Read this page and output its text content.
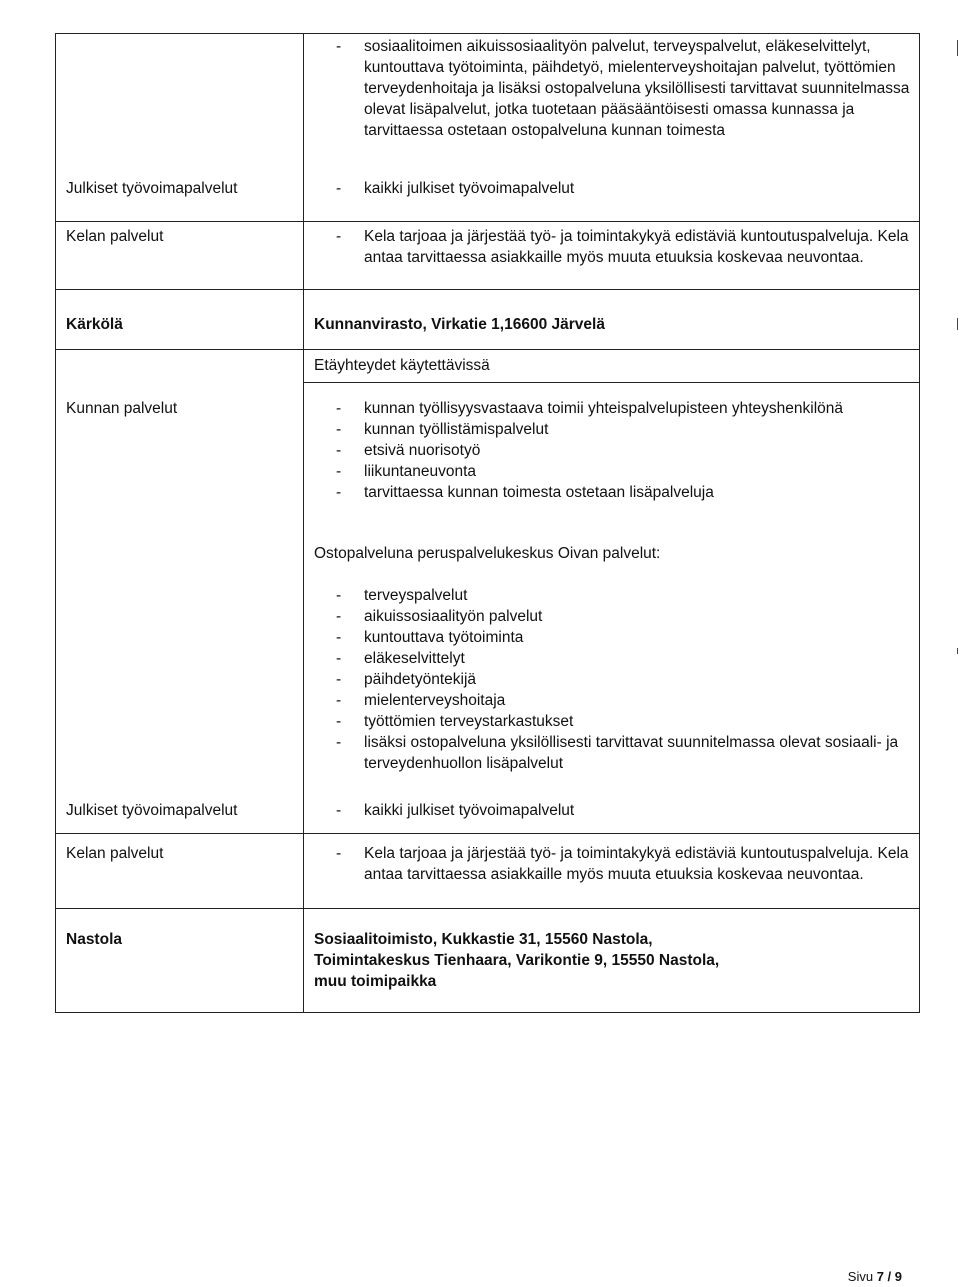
- sosiaalitoimen aikuissosiaalityön palvelut, terveyspalvelut, eläkeselvittelyt, kuntouttava työtoiminta, päihdetyö, mielenterveyshoitajan palvelut, työttömien terveydenhoitaja ja lisäksi ostopalveluna yksilöllisesti tarvittavat suunnitelmassa olevat lisäpalvelut, jotka tuotetaan pääsääntöisesti omassa kunnassa ja tarvittaessa ostetaan ostopalveluna kunnan toimesta
Julkiset työvoimapalvelut	- kaikki julkiset työvoimapalvelut
Kelan palvelut	- Kela tarjoaa ja järjestää työ- ja toimintakykyä edistäviä kuntoutuspalveluja. Kela antaa tarvittaessa asiakkaille myös muuta etuuksia koskevaa neuvontaa.
Kärkölä	Kunnanvirasto, Virkatie 1,16600 Järvelä
Etäyhteydet käytettävissä
Kunnan palvelut	- kunnan työllisyysvastaava toimii yhteispalvelupisteen yhteyshenkilönä
- kunnan työllistämispalvelut
- etsivä nuorisotyö
- liikuntaneuvonta
- tarvittaessa kunnan toimesta ostetaan lisäpalveluja

Ostopalveluna peruspalvelukeskus Oivan palvelut:

- terveyspalvelut
- aikuissosiaalityön palvelut
- kuntouttava työtoiminta
- eläkeselvittelyt
- päihdetyöntekijä
- mielenterveyshoitaja
- työttömien terveystarkastukset
- lisäksi ostopalveluna yksilöllisesti tarvittavat suunnitelmassa olevat sosiaali- ja terveydenhuollon lisäpalvelut
Julkiset työvoimapalvelut	- kaikki julkiset työvoimapalvelut
Kelan palvelut	- Kela tarjoaa ja järjestää työ- ja toimintakykyä edistäviä kuntoutuspalveluja. Kela antaa tarvittaessa asiakkaille myös muuta etuuksia koskevaa neuvontaa.
Nastola	Sosiaalitoimisto, Kukkastie 31, 15560 Nastola,
Toimintakeskus Tienhaara, Varikontie 9, 15550 Nastola,
muu toimipaikka
Sivu 7 / 9
